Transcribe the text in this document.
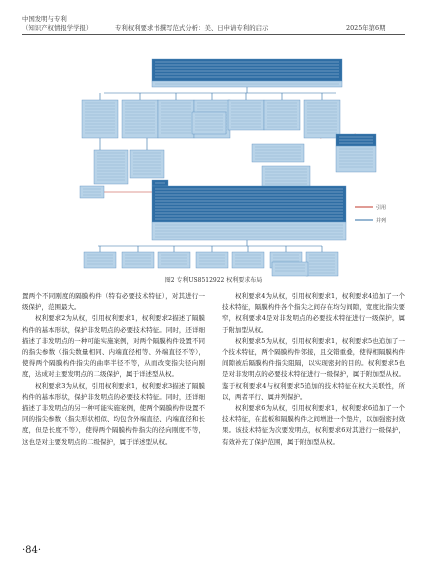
中国发明与专利
（知识产权情报学学报）	专利权利要求书撰写范式分析：美、日申请专利的启示	2025年第6期
引用
并列
图2 专利US8512922 权利要求布局

置两个不同刚度的隔膜构件（特有必要技术特征），对其进行一级保护，范围最大。

权利要求2为从权，引用权利要求1，权利要求2描述了隔膜构件的基本形状，保护非发明点的必要技术特征。同时，还详细描述了非发明点的一种可能实施案例，对两个隔膜构件设置不同的指尖参数（指尖数量相同、内端直径相等、外端直径不等），使得两个隔膜构件指尖的曲率半径不等，从而改变指尖径向刚度，达成对主要发明点的二级保护，属于详述型从权。

权利要求3为从权，引用权利要求1，权利要求3描述了隔膜构件的基本形状，保护非发明点的必要技术特征。同时，还详细描述了非发明点的另一种可能实施案例，使两个隔膜构件设置不同的指尖参数（指尖形状相似、均包含外端直径、内端直径和长度，但是长度不等），使得两个隔膜构件指尖的径向刚度不等，这也是对主要发明点的二级保护，属于详述型从权。

权利要求4为从权，引用权利要求1，权利要求4追加了一个技术特征，隔膜构件各个指尖之间存在均匀间隙，宽度比指尖要窄，权利要求4是对非发明点的必要技术特征进行一级保护，属于附加型从权。

权利要求5为从权，引用权利要求1，权利要求5也追加了一个技术特征，两个隔膜构件邻接，且交错重叠，使得相隔膜构件间隙被后隔膜构件指尖阻隔，以实现密封的目的。权利要求5也是对非发明点的必要技术特征进行一级保护，属于附加型从权。鉴于权利要求4与权利要求5追加的技术特征在权大关联性，所以，两者平行、属并列保护。

权利要求6为从权，引用权利要求1，权利要求6追加了一个技术特征，在蓝板和隔膜构件之间增进一个垫片，以加强密封效果。该技术特征为次要发明点，权利要求6对其进行一级保护，有效补充了保护范围，属于附加型从权。

·84·
